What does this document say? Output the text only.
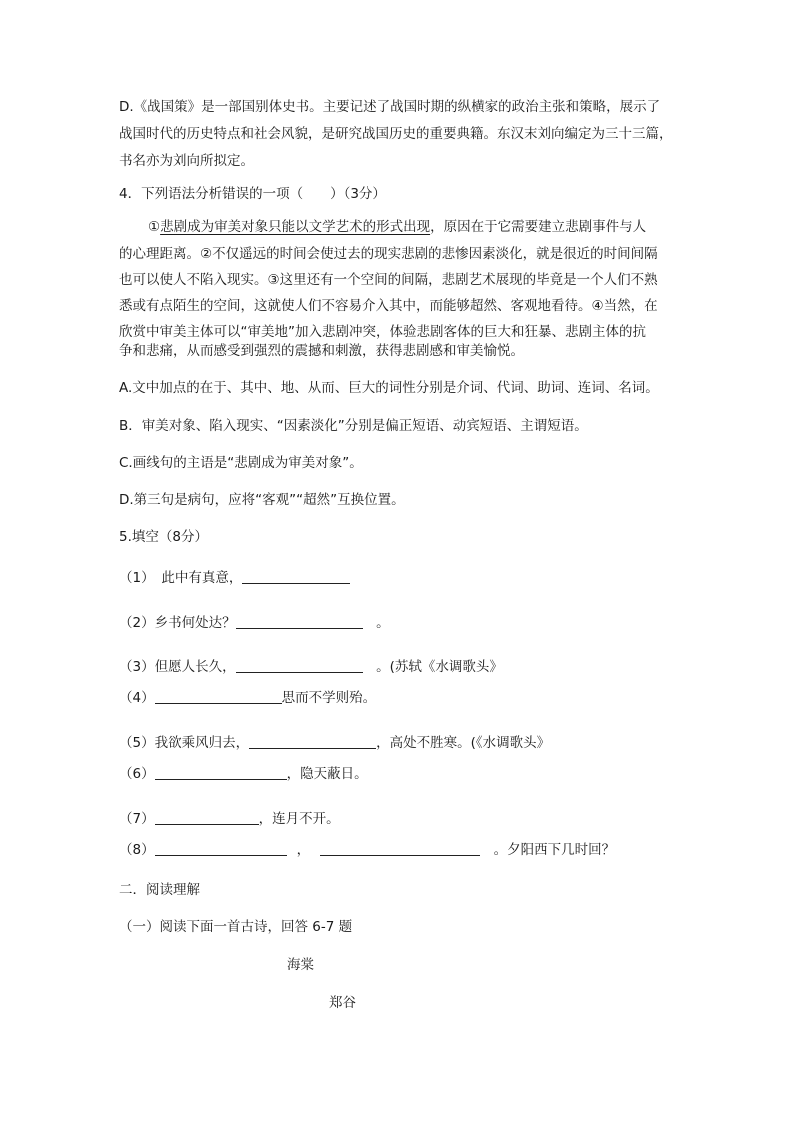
D.《战国策》是一部国别体史书。主要记述了战国时期的纵横家的政治主张和策略，展示了
战国时代的历史特点和社会风貌，是研究战国历史的重要典籍。东汉末刘向编定为三十三篇，
书名亦为刘向所拟定。
4．下列语法分析错误的一项（　　）（3分）
①悲剧成为审美对象只能以文学艺术的形式出现，原因在于它需要建立悲剧事件与人
的心理距离。②不仅遥远的时间会使过去的现实悲剧的悲惨因素淡化，就是很近的时间间隔
也可以使人不陷入现实。③这里还有一个空间的间隔，悲剧艺术展现的毕竟是一个人们不熟
悉或有点陌生的空间，这就使人们不容易介入其中，而能够超然、客观地看待。④当然，在
欣赏中审美主体可以“审美地”加入悲剧冲突，体验悲剧客体的巨大和狂暴、悲剧主体的抗
争和悲痛，从而感受到强烈的震撼和刺激，获得悲剧感和审美愉悦。
A.文中加点的在于、其中、地、从而、巨大的词性分别是介词、代词、助词、连词、名词。
B．审美对象、陷入现实、“因素淡化”分别是偏正短语、动宾短语、主谓短语。
C.画线句的主语是“悲剧成为审美对象”。
D.第三句是病句，应将“客观”“超然”互换位置。
5.填空（8分）
（1）　此中有真意，
（2）乡书何处达？	　。
（3）但愿人长久，	　。(苏轼《水调歌头》
（4）	思而不学则殆。
（5）我欲乘风归去，	，高处不胜寒。(《水调歌头》
（6）	，隐天蔽日。
（7）	，连月不开。
（8）	，	　。夕阳西下几时回？
二．阅读理解
（一）阅读下面一首古诗，回答 6-7 题
海棠
郑谷
